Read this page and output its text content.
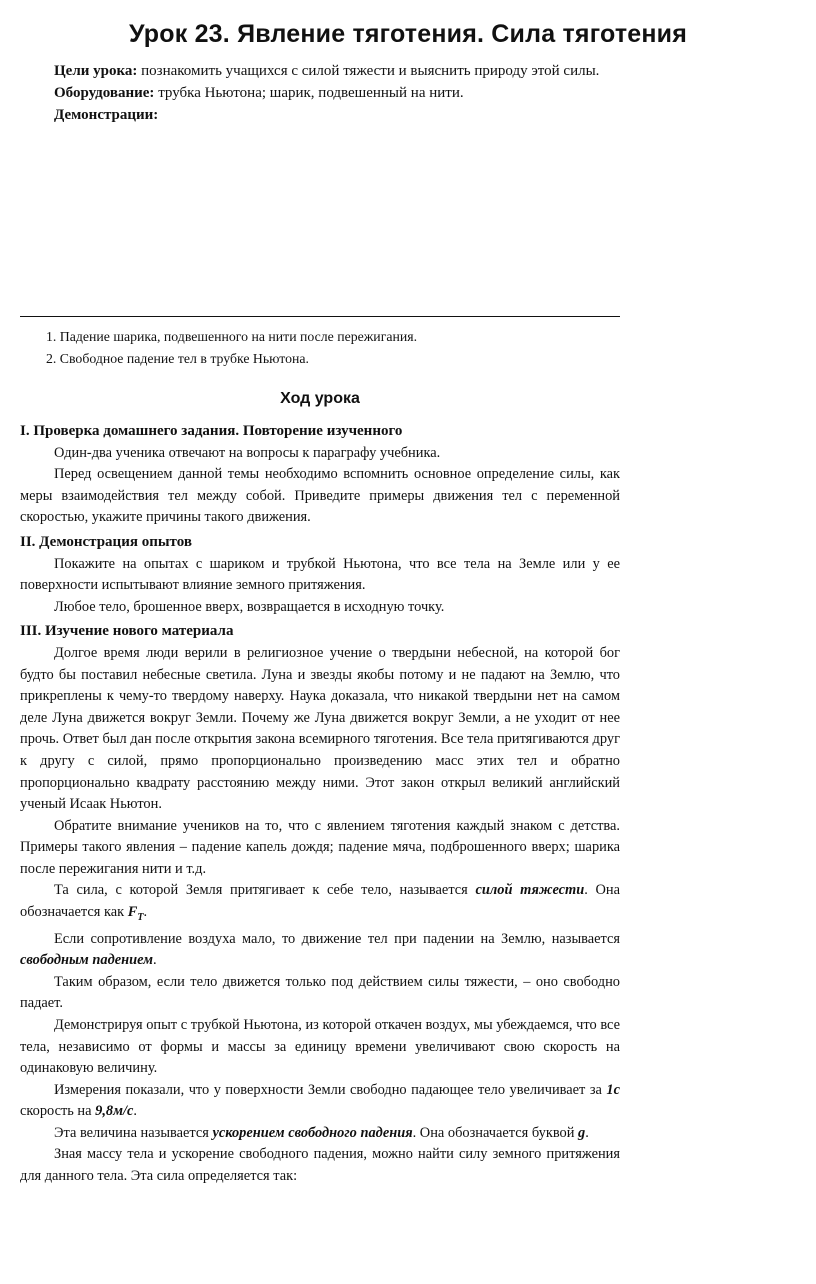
Урок 23. Явление тяготения. Сила тяготения

Цели урока: познакомить учащихся с силой тяжести и выяснить природу этой силы.

Оборудование: трубка Ньютона; шарик, подвешенный на нити.

Демонстрации:

1. Падение шарика, подвешенного на нити после пережигания.
2. Свободное падение тел в трубке Ньютона.
Ход урока
I. Проверка домашнего задания. Повторение изученного

Один-два ученика отвечают на вопросы к параграфу учебника.

Перед освещением данной темы необходимо вспомнить основное определение силы, как меры взаимодействия тел между собой. Приведите примеры движения тел с переменной скоростью, укажите причины такого движения.

II. Демонстрация опытов

Покажите на опытах с шариком и трубкой Ньютона, что все тела на Земле или у ее поверхности испытывают влияние земного притяжения.

Любое тело, брошенное вверх, возвращается в исходную точку.

III. Изучение нового материала

Долгое время люди верили в религиозное учение о твердыни небесной, на которой бог будто бы поставил небесные светила. Луна и звезды якобы потому и не падают на Землю, что прикреплены к чему-то твердому наверху. Наука доказала, что никакой твердыни нет на самом деле Луна движется вокруг Земли. Почему же Луна движется вокруг Земли, а не уходит от нее прочь. Ответ был дан после открытия закона всемирного тяготения. Все тела притягиваются друг к другу с силой, прямо пропорционально произведению масс этих тел и обратно пропорционально квадрату расстоянию между ними. Этот закон открыл великий английский ученый Исаак Ньютон.

Обратите внимание учеников на то, что с явлением тяготения каждый знаком с детства. Примеры такого явления – падение капель дождя; падение мяча, подброшенного вверх; шарика после пережигания нити и т.д.

Та сила, с которой Земля притягивает к себе тело, называется силой тяжести. Она обозначается как $F_Т$.

Если сопротивление воздуха мало, то движение тел при падении на Землю, называется свободным падением.

Таким образом, если тело движется только под действием силы тяжести, – оно свободно падает.

Демонстрируя опыт с трубкой Ньютона, из которой откачен воздух, мы убеждаемся, что все тела, независимо от формы и массы за единицу времени увеличивают свою скорость на одинаковую величину.

Измерения показали, что у поверхности Земли свободно падающее тело увеличивает за 1с скорость на 9,8м/с.

Эта величина называется ускорением свободного падения. Она обозначается буквой g.

Зная массу тела и ускорение свободного падения, можно найти силу земного притяжения для данного тела. Эта сила определяется так:
